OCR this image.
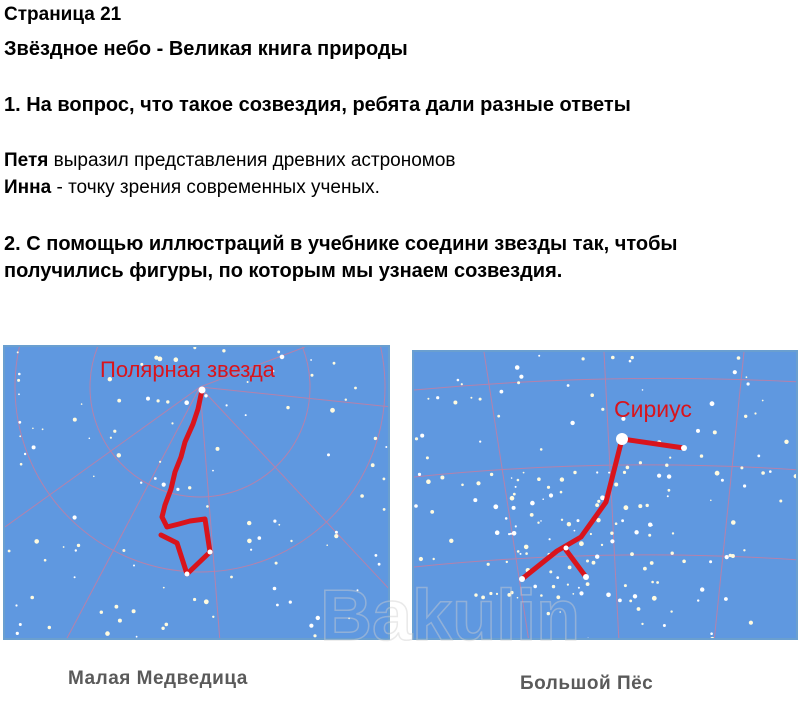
Страница 21
Звёздное небо - Великая книга природы
1. На вопрос, что такое созвездия, ребята дали разные ответы
Петя выразил представления древних астрономов
Инна - точку зрения современных ученых.
2. С помощью иллюстраций в учебнике соедини звезды так, чтобы
получились фигуры, по которым мы узнаем созвездия.
Полярная звезда
Сириус
Малая Медведица	Большой Пёс
Bakulin
